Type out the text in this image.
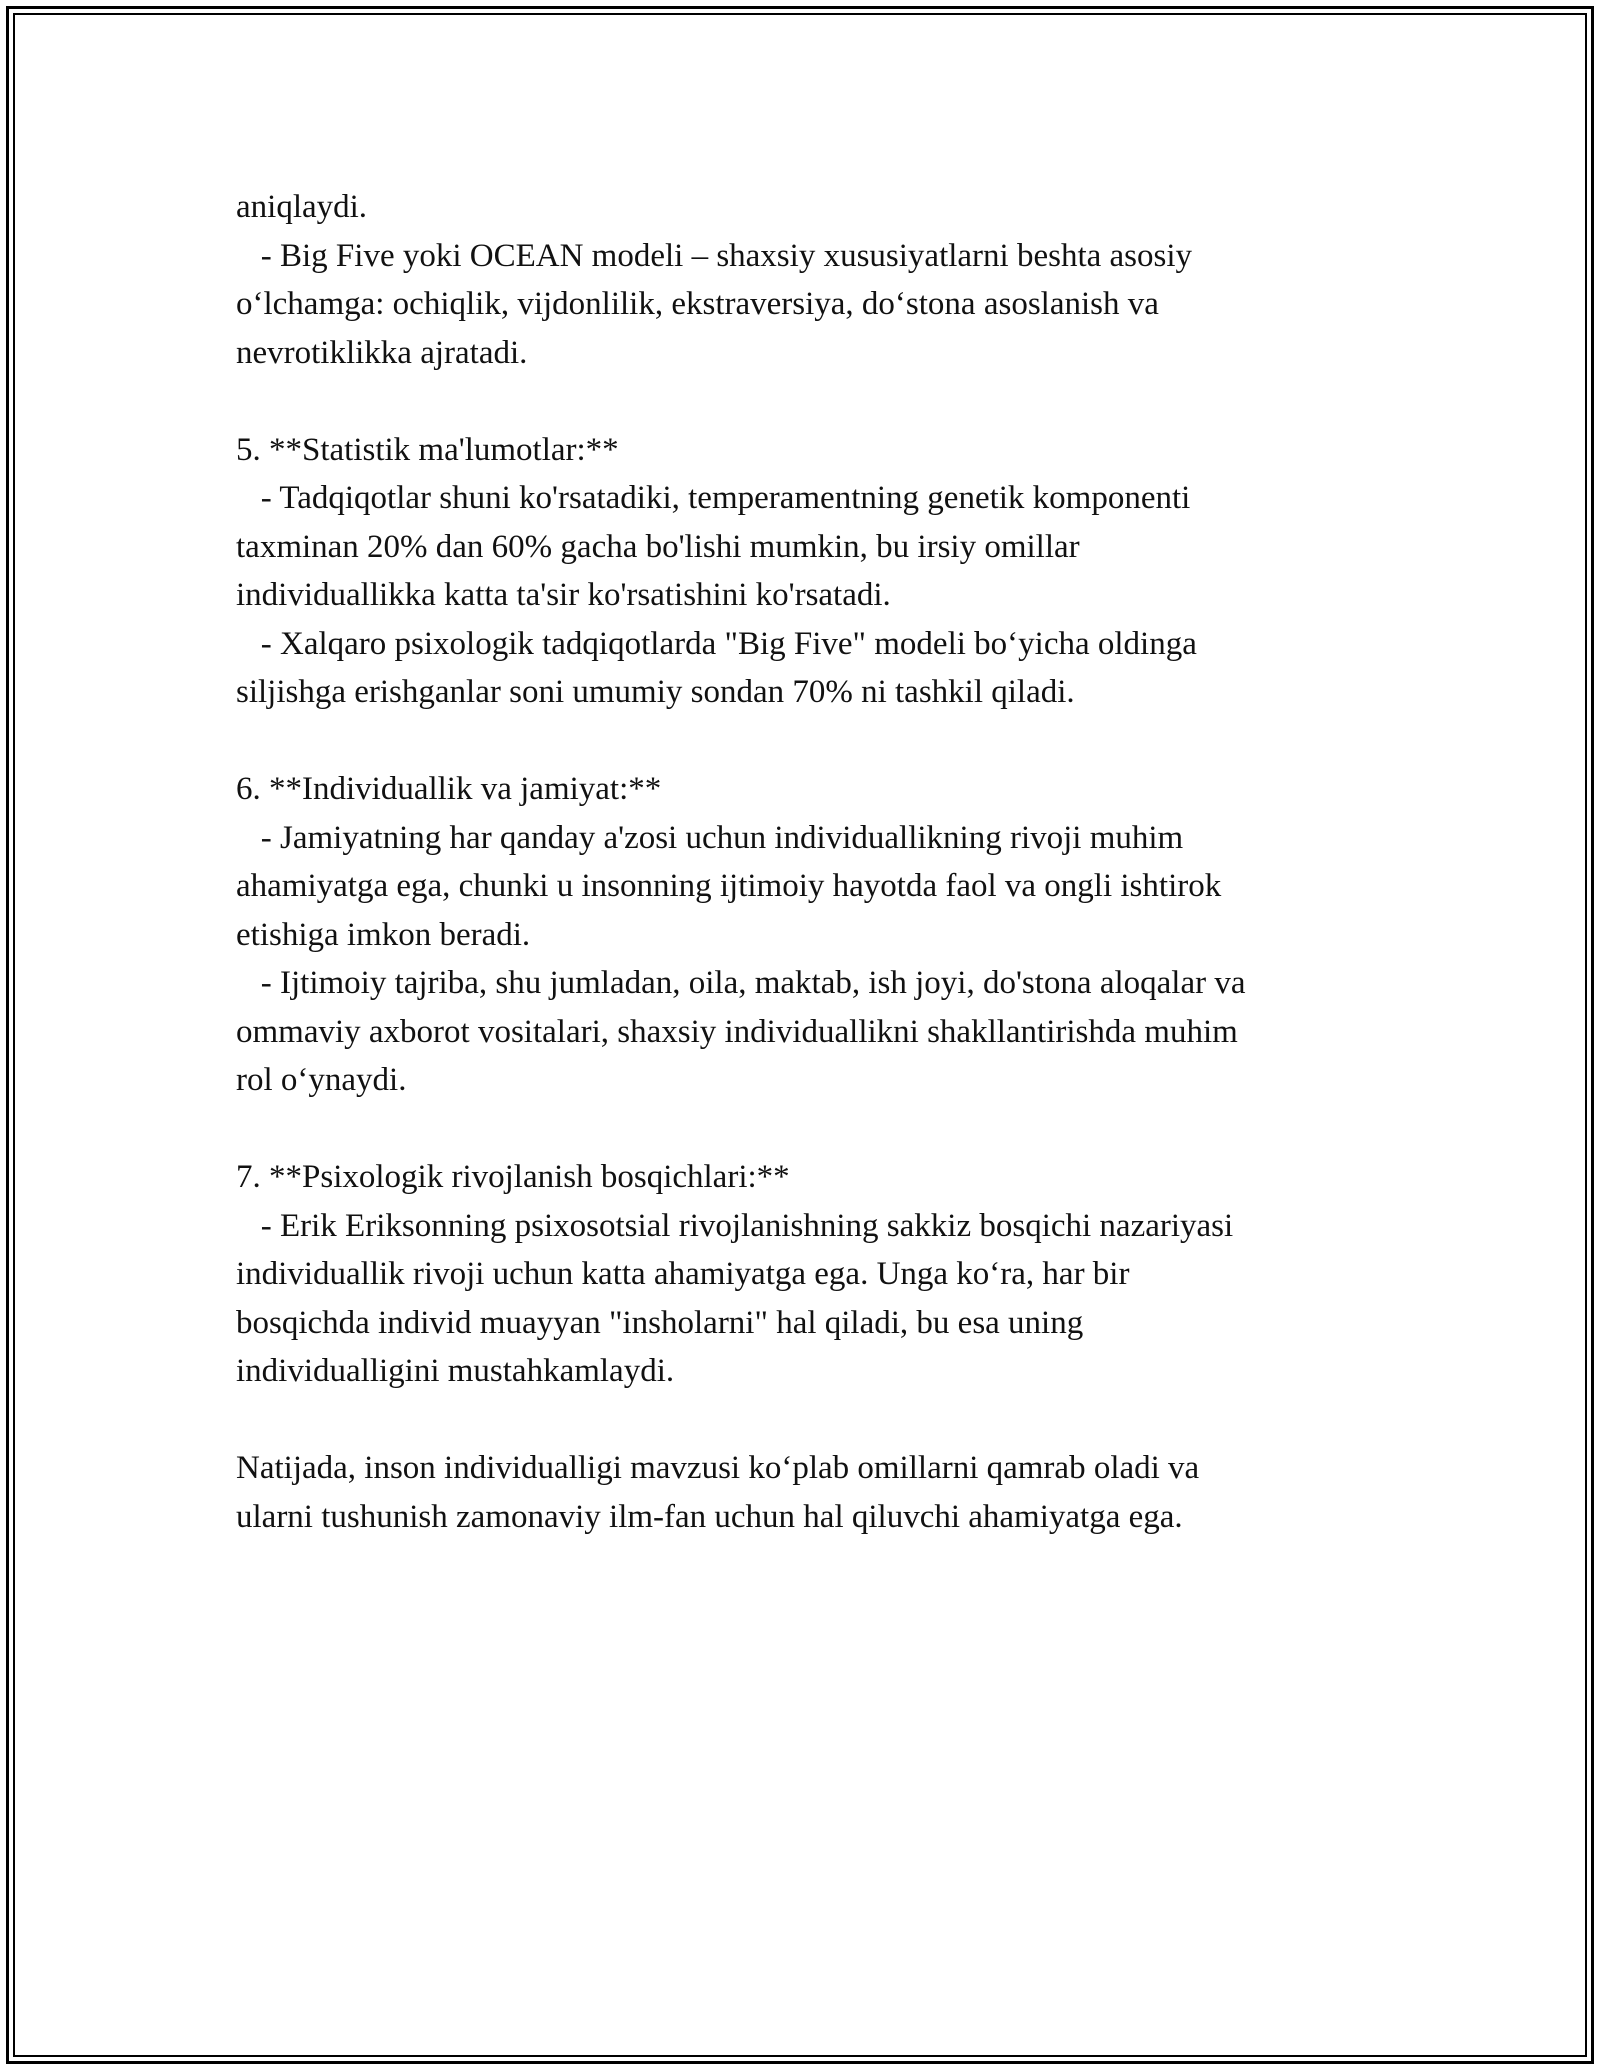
aniqlaydi.
- Big Five yoki OCEAN modeli – shaxsiy xususiyatlarni beshta asosiy
o‘lchamga: ochiqlik, vijdonlilik, ekstraversiya, do‘stona asoslanish va
nevrotiklikka ajratadi.
5. **Statistik ma'lumotlar:**
- Tadqiqotlar shuni ko'rsatadiki, temperamentning genetik komponenti
taxminan 20% dan 60% gacha bo'lishi mumkin, bu irsiy omillar
individuallikka katta ta'sir ko'rsatishini ko'rsatadi.
- Xalqaro psixologik tadqiqotlarda "Big Five" modeli bo‘yicha oldinga
siljishga erishganlar soni umumiy sondan 70% ni tashkil qiladi.
6. **Individuallik va jamiyat:**
- Jamiyatning har qanday a'zosi uchun individuallikning rivoji muhim
ahamiyatga ega, chunki u insonning ijtimoiy hayotda faol va ongli ishtirok
etishiga imkon beradi.
- Ijtimoiy tajriba, shu jumladan, oila, maktab, ish joyi, do'stona aloqalar va
ommaviy axborot vositalari, shaxsiy individuallikni shakllantirishda muhim
rol o‘ynaydi.
7. **Psixologik rivojlanish bosqichlari:**
- Erik Eriksonning psixosotsial rivojlanishning sakkiz bosqichi nazariyasi
individuallik rivoji uchun katta ahamiyatga ega. Unga ko‘ra, har bir
bosqichda individ muayyan "insholarni" hal qiladi, bu esa uning
individualligini mustahkamlaydi.
Natijada, inson individualligi mavzusi ko‘plab omillarni qamrab oladi va
ularni tushunish zamonaviy ilm-fan uchun hal qiluvchi ahamiyatga ega.
